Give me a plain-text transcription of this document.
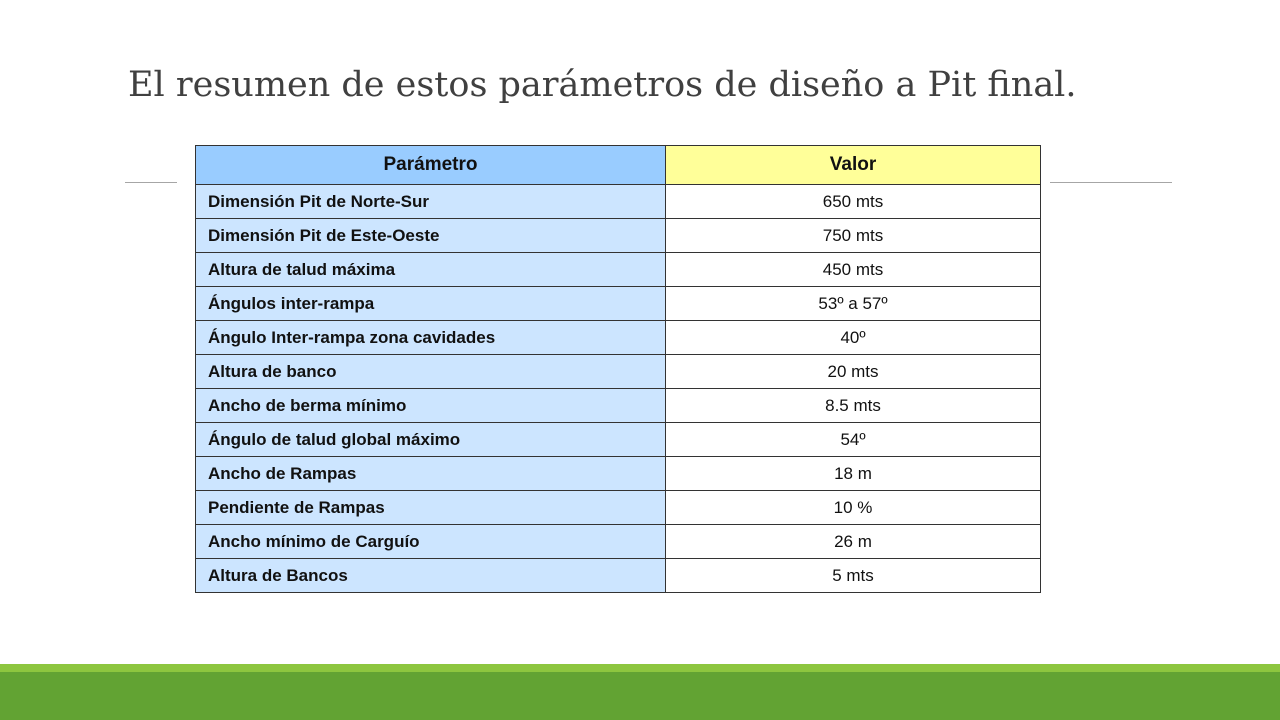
El resumen de estos parámetros de diseño a Pit final.
Parámetro	Valor
Dimensión Pit de Norte-Sur	650 mts
Dimensión Pit de Este-Oeste	750 mts
Altura de talud máxima	450 mts
Ángulos inter-rampa	53º a 57º
Ángulo Inter-rampa zona cavidades	40º
Altura de banco	20 mts
Ancho de berma mínimo	8.5 mts
Ángulo de talud global máximo	54º
Ancho de Rampas	18 m
Pendiente de Rampas	10 %
Ancho mínimo de Carguío	26 m
Altura de Bancos	5 mts
